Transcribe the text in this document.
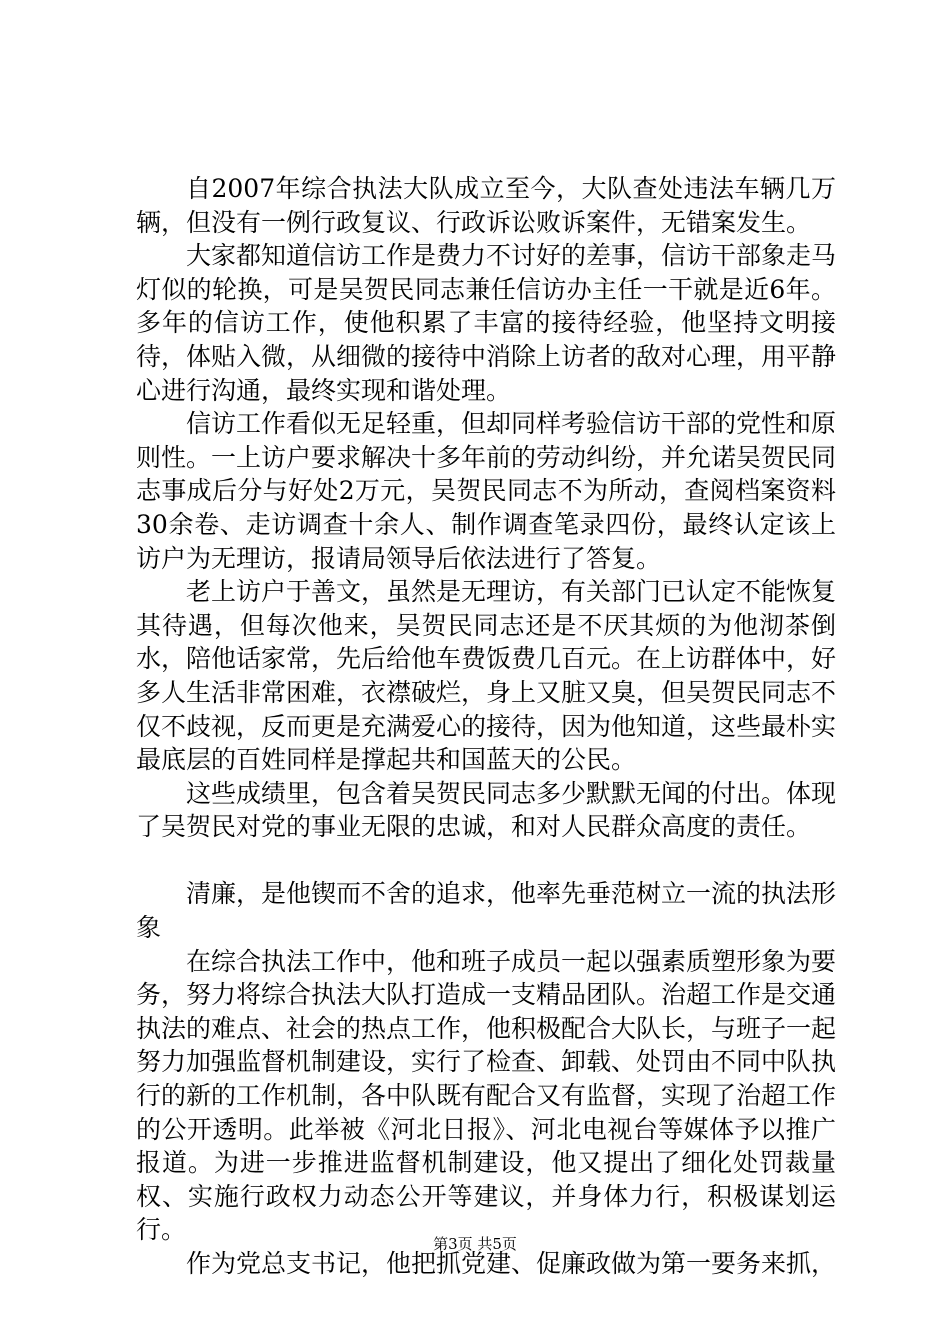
自2007年综合执法大队成立至今，大队查处违法车辆几万辆，但没有一例行政复议、行政诉讼败诉案件，无错案发生。

大家都知道信访工作是费力不讨好的差事，信访干部象走马灯似的轮换，可是吴贺民同志兼任信访办主任一干就是近6年。多年的信访工作，使他积累了丰富的接待经验，他坚持文明接待，体贴入微，从细微的接待中消除上访者的敌对心理，用平静心进行沟通，最终实现和谐处理。

信访工作看似无足轻重，但却同样考验信访干部的党性和原则性。一上访户要求解决十多年前的劳动纠纷，并允诺吴贺民同志事成后分与好处2万元，吴贺民同志不为所动，查阅档案资料30余卷、走访调查十余人、制作调查笔录四份，最终认定该上访户为无理访，报请局领导后依法进行了答复。

老上访户于善文，虽然是无理访，有关部门已认定不能恢复其待遇，但每次他来，吴贺民同志还是不厌其烦的为他沏茶倒水，陪他话家常，先后给他车费饭费几百元。在上访群体中，好多人生活非常困难，衣襟破烂，身上又脏又臭，但吴贺民同志不仅不歧视，反而更是充满爱心的接待，因为他知道，这些最朴实最底层的百姓同样是撑起共和国蓝天的公民。

这些成绩里，包含着吴贺民同志多少默默无闻的付出。体现了吴贺民对党的事业无限的忠诚，和对人民群众高度的责任。

清廉，是他锲而不舍的追求，他率先垂范树立一流的执法形象

在综合执法工作中，他和班子成员一起以强素质塑形象为要务，努力将综合执法大队打造成一支精品团队。治超工作是交通执法的难点、社会的热点工作，他积极配合大队长，与班子一起努力加强监督机制建设，实行了检查、卸载、处罚由不同中队执行的新的工作机制，各中队既有配合又有监督，实现了治超工作的公开透明。此举被《河北日报》、河北电视台等媒体予以推广报道。为进一步推进监督机制建设，他又提出了细化处罚裁量权、实施行政权力动态公开等建议，并身体力行，积极谋划运行。

作为党总支书记，他把抓党建、促廉政做为第一要务来抓，

第3页 共5页
